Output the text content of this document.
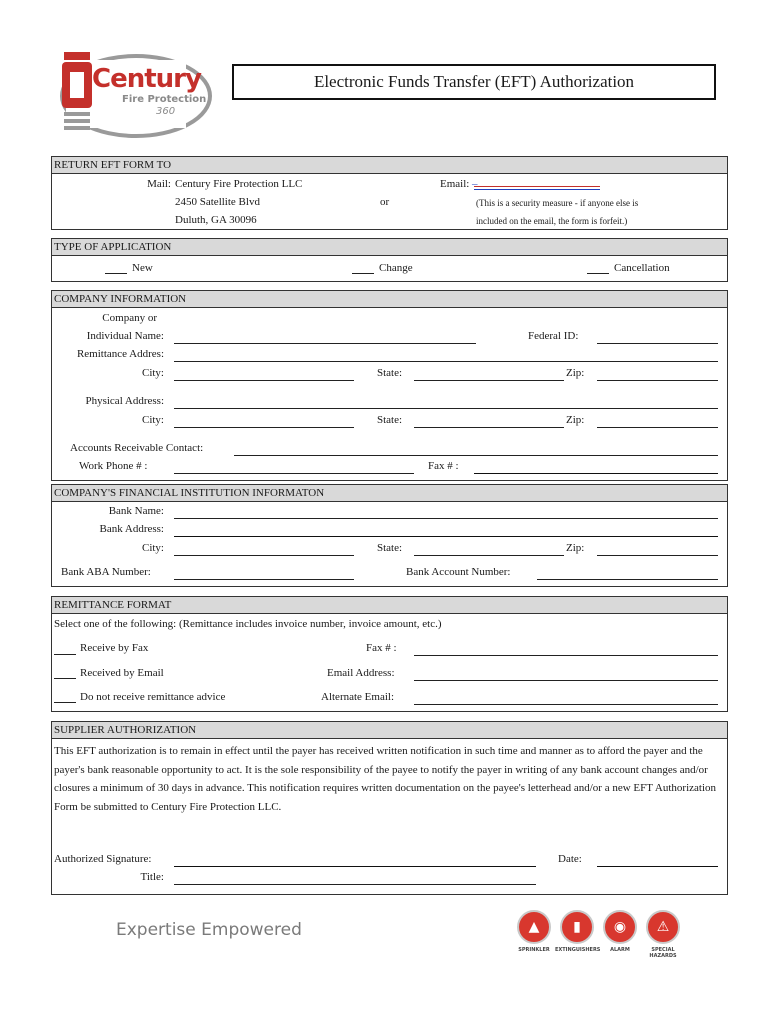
Century
Fire Protection
360
Electronic Funds Transfer (EFT) Authorization
RETURN EFT FORM TO
Mail: Century Fire Protection LLC
2450 Satellite Blvd
Duluth, GA 30096
or
Email: –
(This is a security measure - if anyone else is
included on the email, the form is forfeit.)
TYPE OF APPLICATION
New	Change	Cancellation
COMPANY INFORMATION
Company or
Individual Name:	Federal ID:
Remittance Addres:
City:	State:	Zip:
Physical Address:
City:	State:	Zip:
Accounts Receivable Contact:
Work Phone # :	Fax # :
COMPANY'S FINANCIAL INSTITUTION INFORMATON
Bank Name:
Bank Address:
City:	State:	Zip:
Bank ABA Number:	Bank Account Number:
REMITTANCE FORMAT
Select one of the following: (Remittance includes invoice number, invoice amount, etc.)
Receive by Fax	Fax # :
Received by Email	Email Address:
Do not receive remittance advice	Alternate Email:
SUPPLIER AUTHORIZATION
This EFT authorization is to remain in effect until the payer has received written notification in such time and manner as to afford the payer and the payer's bank reasonable opportunity to act. It is the sole responsibility of the payee to notify the payer in writing of any bank account changes and/or closures a minimum of 30 days in advance. This notification requires written documentation on the payee's letterhead and/or a new EFT Authorization Form be submitted to Century Fire Protection LLC.
Authorized Signature:	Date:
Title:
Expertise Empowered	▲
SPRINKLER
▮
EXTINGUISHERS
◉
ALARM
⚠
SPECIAL HAZARDS
